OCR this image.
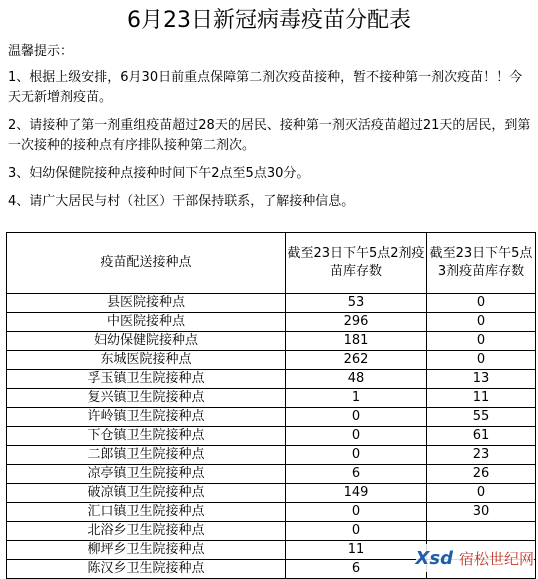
6月23日新冠病毒疫苗分配表
温馨提示：
1、根据上级安排，6月30日前重点保障第二剂次疫苗接种，暂不接种第一剂次疫苗！！今天无新增剂疫苗。
2、请接种了第一剂重组疫苗超过28天的居民、接种第一剂灭活疫苗超过21天的居民，到第一次接种的接种点有序排队接种第二剂次。
3、妇幼保健院接种点接种时间下午2点至5点30分。
4、请广大居民与村（社区）干部保持联系，了解接种信息。
疫苗配送接种点	截至23日下午5点2剂疫苗库存数	截至23日下午5点3剂疫苗库存数
县医院接种点	53	0
中医院接种点	296	0
妇幼保健院接种点	181	0
东城医院接种点	262	0
孚玉镇卫生院接种点	48	13
复兴镇卫生院接种点	1	11
许岭镇卫生院接种点	0	55
下仓镇卫生院接种点	0	61
二郎镇卫生院接种点	0	23
凉亭镇卫生院接种点	6	26
破凉镇卫生院接种点	149	0
汇口镇卫生院接种点	0	30
北浴乡卫生院接种点	0	
柳坪乡卫生院接种点	11	
陈汉乡卫生院接种点	6		Xsd 宿松世纪网
